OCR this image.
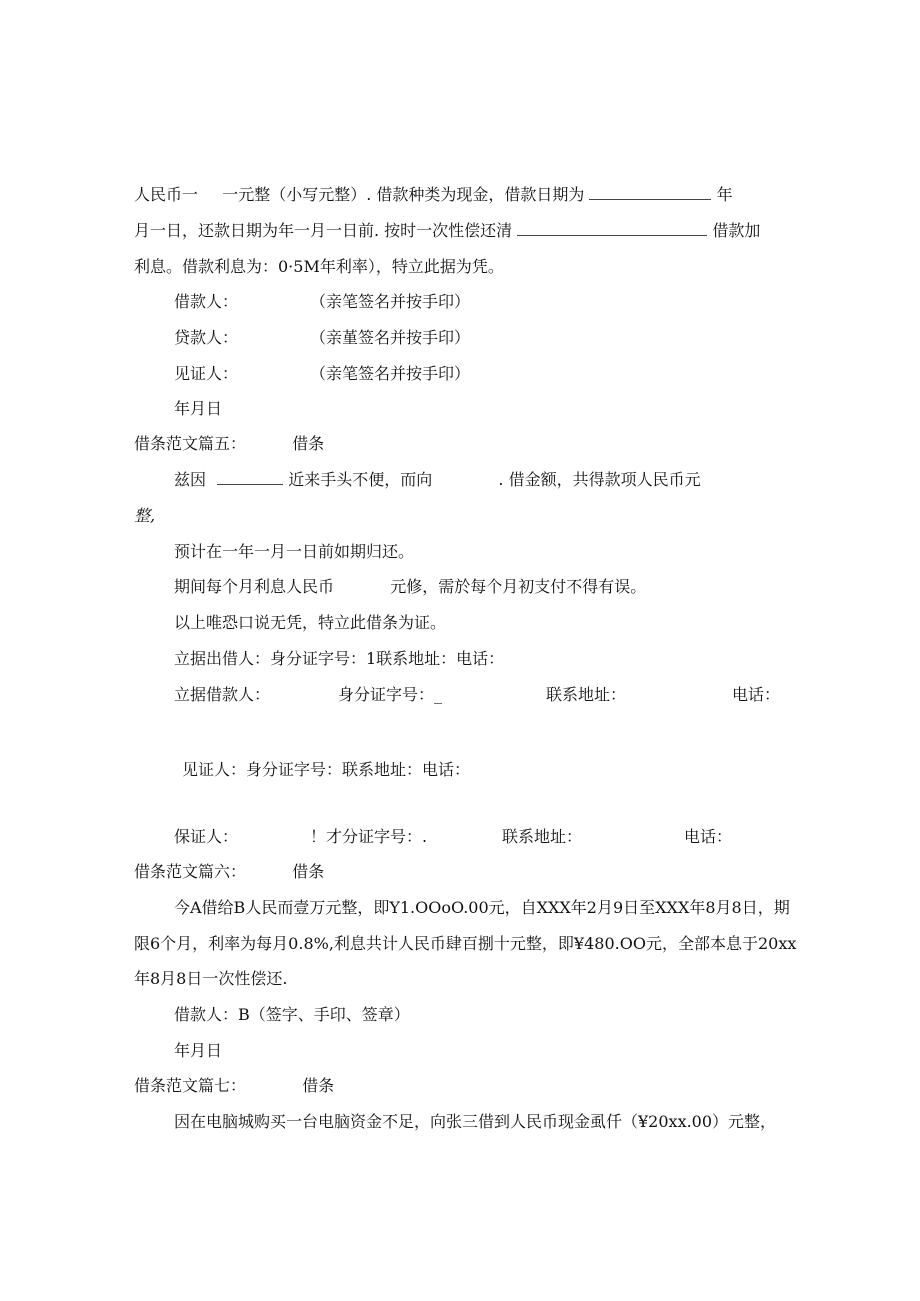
人民币一 一元整（小写元整）. 借款种类为现金，借款日期为	年
月一日，还款日期为年一月一日前. 按时一次性偿还清	借款加
利息。借款利息为：0·5M年利率），特立此据为凭。
借款人：	（亲笔签名并按手印）
贷款人：	（亲堇签名并按手印）
见证人：	（亲笔签名并按手印）
年月日
借条范文篇五：	借条
兹因	近来手头不便，而向	. 借金额，共得款项人民币元
整,
预计在一年一月一日前如期归还。
期间每个月利息人民币	元修，需於每个月初支付不得有误。
以上唯恐口说无凭，特立此借条为证。
立据出借人：身分证字号：1联系地址：电话：
立据借款人：	身分证字号：_	联系地址：	电话：
见证人：身分证字号：联系地址：电话：
保证人：	！才分证字号：.	联系地址：	电话：
借条范文篇六：	借条
今A借给B人民而壹万元整，即Y1.OOoO.00元，自XXX年2月9日至XXX年8月8日，期
限6个月，利率为每月0.8%,利息共计人民币肆百捌十元整，即¥480.OO元，全部本息于20xx
年8月8日一次性偿还.
借款人：B（签字、手印、签章）
年月日
借条范文篇七：	借条
因在电脑城购买一台电脑资金不足，向张三借到人民币现金虱仟（¥20xx.00）元整，
